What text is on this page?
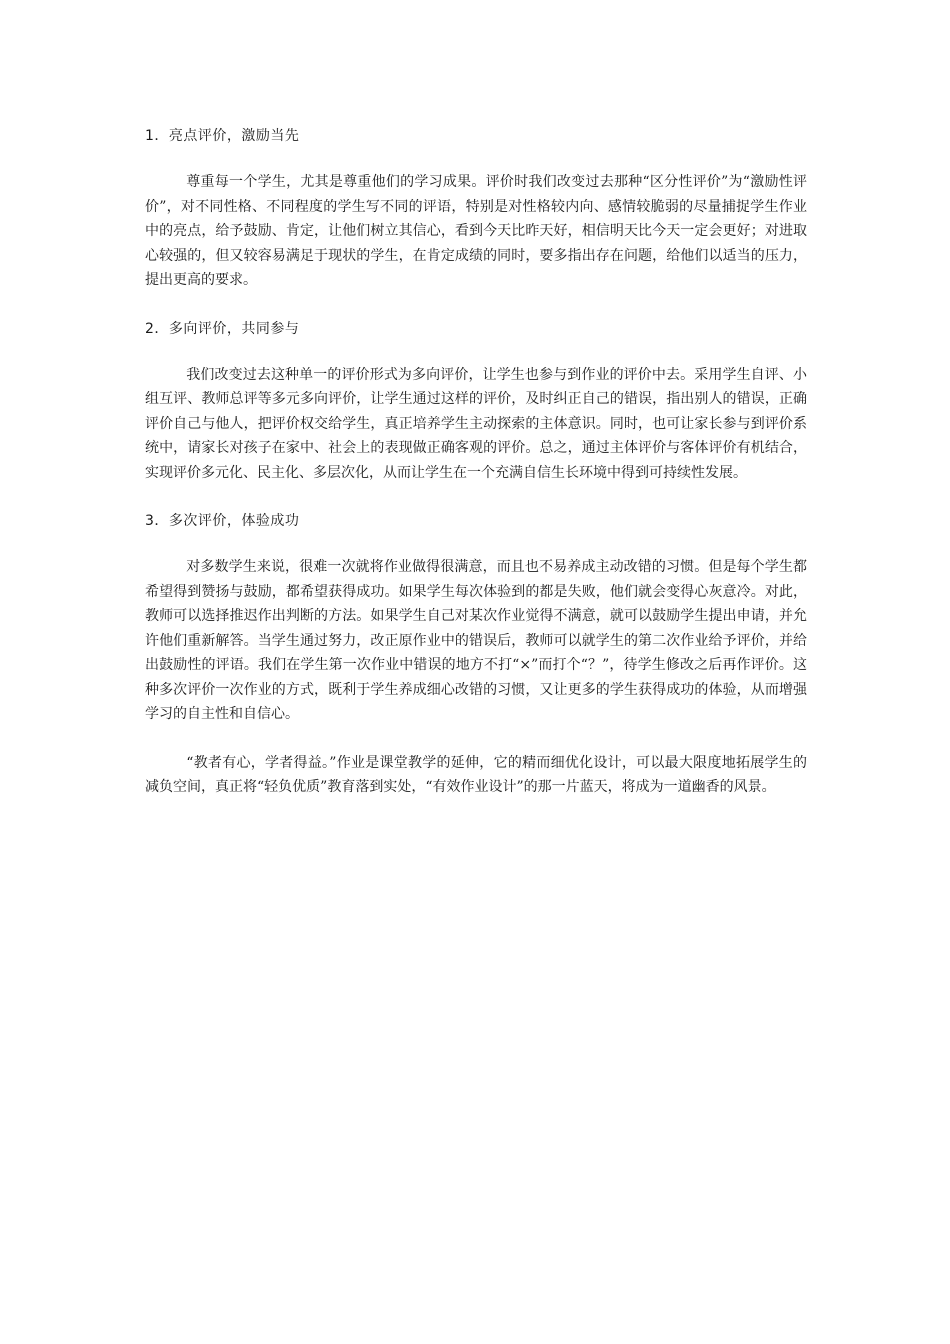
1．亮点评价，激励当先

尊重每一个学生，尤其是尊重他们的学习成果。评价时我们改变过去那种“区分性评价”为“激励性评价”，对不同性格、不同程度的学生写不同的评语，特别是对性格较内向、感情较脆弱的尽量捕捉学生作业中的亮点，给予鼓励、肯定，让他们树立其信心，看到今天比昨天好，相信明天比今天一定会更好；对进取心较强的，但又较容易满足于现状的学生，在肯定成绩的同时，要多指出存在问题，给他们以适当的压力，提出更高的要求。

2．多向评价，共同参与

我们改变过去这种单一的评价形式为多向评价，让学生也参与到作业的评价中去。采用学生自评、小组互评、教师总评等多元多向评价，让学生通过这样的评价，及时纠正自己的错误，指出别人的错误，正确评价自己与他人，把评价权交给学生，真正培养学生主动探索的主体意识。同时，也可让家长参与到评价系统中，请家长对孩子在家中、社会上的表现做正确客观的评价。总之，通过主体评价与客体评价有机结合，实现评价多元化、民主化、多层次化，从而让学生在一个充满自信生长环境中得到可持续性发展。

3．多次评价，体验成功

对多数学生来说，很难一次就将作业做得很满意，而且也不易养成主动改错的习惯。但是每个学生都希望得到赞扬与鼓励，都希望获得成功。如果学生每次体验到的都是失败，他们就会变得心灰意冷。对此，教师可以选择推迟作出判断的方法。如果学生自己对某次作业觉得不满意，就可以鼓励学生提出申请，并允许他们重新解答。当学生通过努力，改正原作业中的错误后，教师可以就学生的第二次作业给予评价，并给出鼓励性的评语。我们在学生第一次作业中错误的地方不打“×”而打个“？”，待学生修改之后再作评价。这种多次评价一次作业的方式，既利于学生养成细心改错的习惯，又让更多的学生获得成功的体验，从而增强学习的自主性和自信心。

“教者有心，学者得益。”作业是课堂教学的延伸，它的精而细优化设计，可以最大限度地拓展学生的减负空间，真正将“轻负优质”教育落到实处，“有效作业设计”的那一片蓝天，将成为一道幽香的风景。
